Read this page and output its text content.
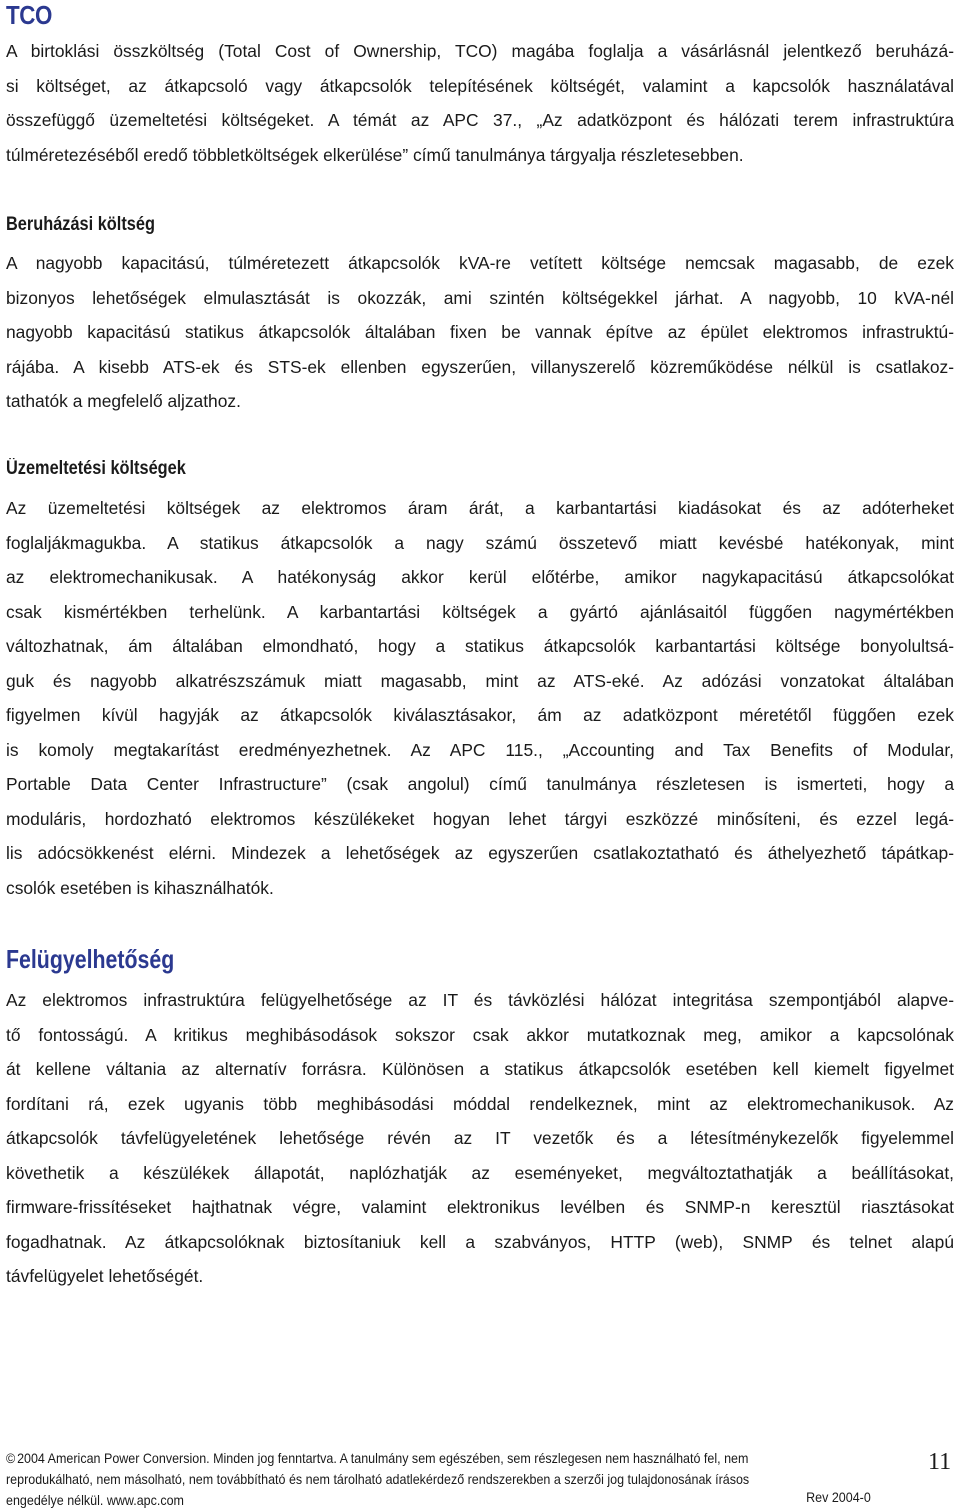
TCO
A birtoklási összköltség (Total Cost of Ownership, TCO) magába foglalja a vásárlásnál jelentkező beruházá-
si költséget, az átkapcsoló vagy átkapcsolók telepítésének költségét, valamint a kapcsolók használatával
összefüggő üzemeltetési költségeket. A témát az APC 37., „Az adatközpont és hálózati terem infrastruktúra
túlméretezéséből eredő többletköltségek elkerülése” című tanulmánya tárgyalja részletesebben.
Beruházási költség
A nagyobb kapacitású, túlméretezett átkapcsolók kVA-re vetített költsége nemcsak magasabb, de ezek
bizonyos lehetőségek elmulasztását is okozzák, ami szintén költségekkel járhat. A nagyobb, 10 kVA-nél
nagyobb kapacitású statikus átkapcsolók általában fixen be vannak építve az épület elektromos infrastruktú-
rájába. A kisebb ATS-ek és STS-ek ellenben egyszerűen, villanyszerelő közreműködése nélkül is csatlakoz-
tathatók a megfelelő aljzathoz.
Üzemeltetési költségek
Az üzemeltetési költségek az elektromos áram árát, a karbantartási kiadásokat és az adóterheket
foglaljákmagukba. A statikus átkapcsolók a nagy számú összetevő miatt kevésbé hatékonyak, mint
az elektromechanikusak. A hatékonyság akkor kerül előtérbe, amikor nagykapacitású átkapcsolókat
csak kismértékben terhelünk. A karbantartási költségek a gyártó ajánlásaitól függően nagymértékben
változhatnak, ám általában elmondható, hogy a statikus átkapcsolók karbantartási költsége bonyolultsá-
guk és nagyobb alkatrészszámuk miatt magasabb, mint az ATS-eké. Az adózási vonzatokat általában
figyelmen kívül hagyják az átkapcsolók kiválasztásakor, ám az adatközpont méretétől függően ezek
is komoly megtakarítást eredményezhetnek. Az APC 115., „Accounting and Tax Benefits of Modular,
Portable Data Center Infrastructure” (csak angolul) című tanulmánya részletesen is ismerteti, hogy a
moduláris, hordozható elektromos készülékeket hogyan lehet tárgyi eszközzé minősíteni, és ezzel legá-
lis adócsökkenést elérni. Mindezek a lehetőségek az egyszerűen csatlakoztatható és áthelyezhető tápátkap-
csolók esetében is kihasználhatók.
Felügyelhetőség
Az elektromos infrastruktúra felügyelhetősége az IT és távközlési hálózat integritása szempontjából alapve-
tő fontosságú. A kritikus meghibásodások sokszor csak akkor mutatkoznak meg, amikor a kapcsolónak
át kellene váltania az alternatív forrásra. Különösen a statikus átkapcsolók esetében kell kiemelt figyelmet
fordítani rá, ezek ugyanis több meghibásodási móddal rendelkeznek, mint az elektromechanikusok. Az
átkapcsolók távfelügyeletének lehetősége révén az IT vezetők és a létesítménykezelők figyelemmel
követhetik a készülékek állapotát, naplózhatják az eseményeket, megváltoztathatják a beállításokat,
firmware-frissítéseket hajthatnak végre, valamint elektronikus levélben és SNMP-n keresztül riasztásokat
fogadhatnak. Az átkapcsolóknak biztosítaniuk kell a szabványos, HTTP (web), SNMP és telnet alapú
távfelügyelet lehetőségét.
© 2004 American Power Conversion. Minden jog fenntartva. A tanulmány sem egészében, sem részlegesen nem használható fel, nem
reprodukálható, nem másolható, nem továbbítható és nem tárolható adatlekérdező rendszerekben a szerzői jog tulajdonosának írásos
engedélye nélkül. www.apc.com	Rev 2004-0
11
